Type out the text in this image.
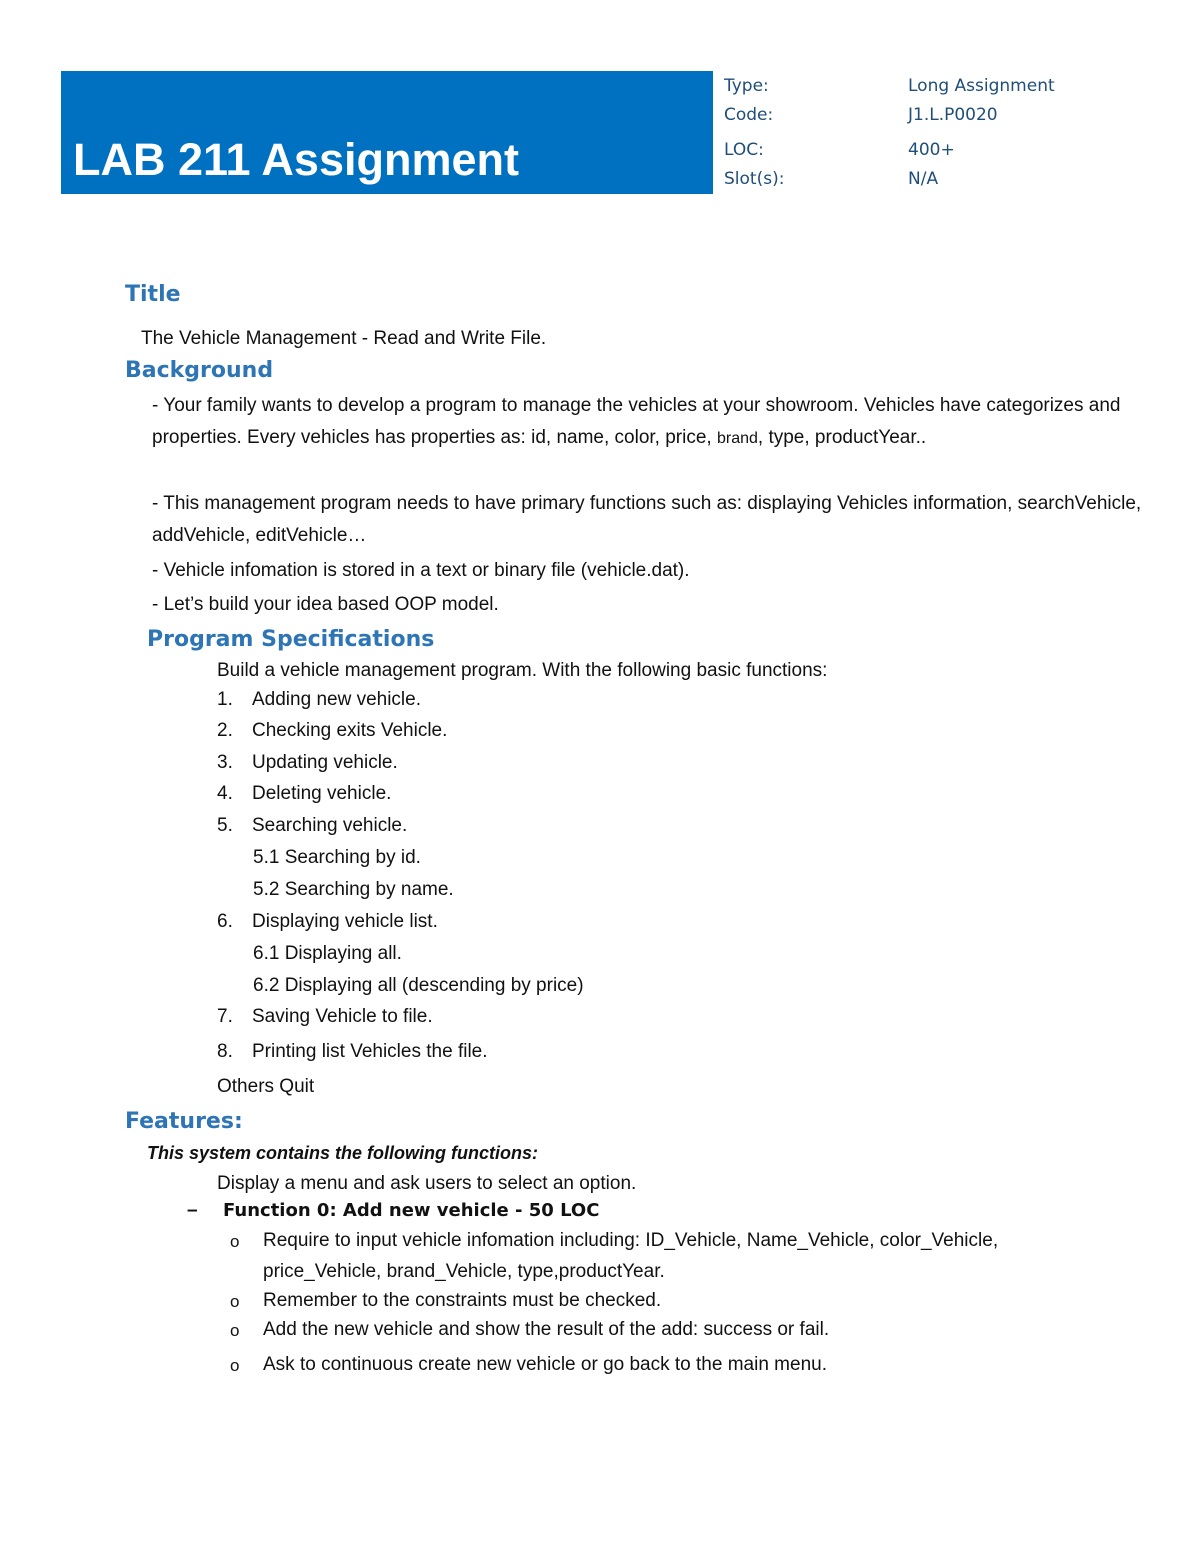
LAB 211 Assignment
Type:	Long Assignment
Code:	J1.L.P0020
LOC:	400+
Slot(s):	N/A
Title
The Vehicle Management - Read and Write File.
Background
- Your family wants to develop a program to manage the vehicles at your showroom. Vehicles have categorizes and properties. Every vehicles has properties as: id, name, color, price, brand, type, productYear..
- This management program needs to have primary functions such as: displaying Vehicles information, searchVehicle, addVehicle, editVehicle…
- Vehicle infomation is stored in a text or binary file (vehicle.dat).
- Let’s build your idea based OOP model.
Program Specifications
Build a vehicle management program. With the following basic functions:
1.	Adding new vehicle.
2.	Checking exits Vehicle.
3.	Updating vehicle.
4.	Deleting vehicle.
5.	Searching vehicle.
5.1 Searching by id.
5.2 Searching by name.
6.	Displaying vehicle list.
6.1 Displaying all.
6.2 Displaying all (descending by price)
7.	Saving Vehicle to file.
8.	Printing list Vehicles the file.
Others Quit
Features:
This system contains the following functions:
Display a menu and ask users to select an option.
– Function 0: Add new vehicle - 50 LOC
o Require to input vehicle infomation including: ID_Vehicle, Name_Vehicle, color_Vehicle,
price_Vehicle, brand_Vehicle, type,productYear.
o Remember to the constraints must be checked.
o Add the new vehicle and show the result of the add: success or fail.
o Ask to continuous create new vehicle or go back to the main menu.
